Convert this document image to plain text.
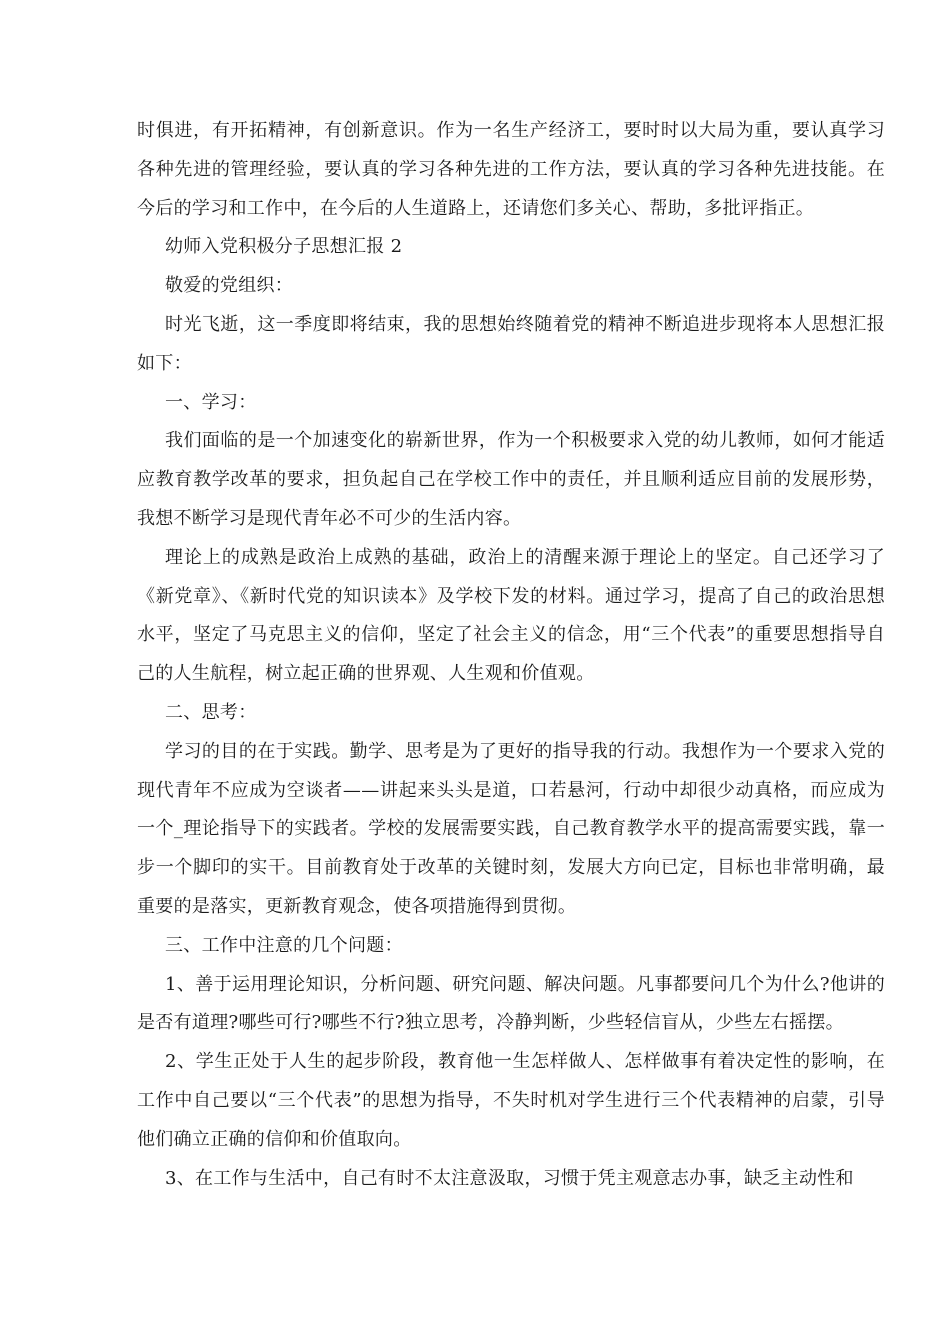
时俱进，有开拓精神，有创新意识。作为一名生产经济工，要时时以大局为重，要认真学习各种先进的管理经验，要认真的学习各种先进的工作方法，要认真的学习各种先进技能。在今后的学习和工作中，在今后的人生道路上，还请您们多关心、帮助，多批评指正。

幼师入党积极分子思想汇报 2

敬爱的党组织：

时光飞逝，这一季度即将结束，我的思想始终随着党的精神不断追进步现将本人思想汇报如下：

一、学习：

我们面临的是一个加速变化的崭新世界，作为一个积极要求入党的幼儿教师，如何才能适应教育教学改革的要求，担负起自己在学校工作中的责任，并且顺利适应目前的发展形势，我想不断学习是现代青年必不可少的生活内容。

理论上的成熟是政治上成熟的基础，政治上的清醒来源于理论上的坚定。自己还学习了《新党章》、《新时代党的知识读本》及学校下发的材料。通过学习，提高了自己的政治思想水平，坚定了马克思主义的信仰，坚定了社会主义的信念，用“三个代表”的重要思想指导自己的人生航程，树立起正确的世界观、人生观和价值观。

二、思考：

学习的目的在于实践。勤学、思考是为了更好的指导我的行动。我想作为一个要求入党的现代青年不应成为空谈者——讲起来头头是道，口若悬河，行动中却很少动真格，而应成为一个_理论指导下的实践者。学校的发展需要实践，自己教育教学水平的提高需要实践，靠一步一个脚印的实干。目前教育处于改革的关键时刻，发展大方向已定，目标也非常明确，最重要的是落实，更新教育观念，使各项措施得到贯彻。

三、工作中注意的几个问题：

1、善于运用理论知识，分析问题、研究问题、解决问题。凡事都要问几个为什么?他讲的是否有道理?哪些可行?哪些不行?独立思考，冷静判断，少些轻信盲从，少些左右摇摆。

2、学生正处于人生的起步阶段，教育他一生怎样做人、怎样做事有着决定性的影响，在工作中自己要以“三个代表”的思想为指导，不失时机对学生进行三个代表精神的启蒙，引导他们确立正确的信仰和价值取向。

3、在工作与生活中，自己有时不太注意汲取，习惯于凭主观意志办事，缺乏主动性和
